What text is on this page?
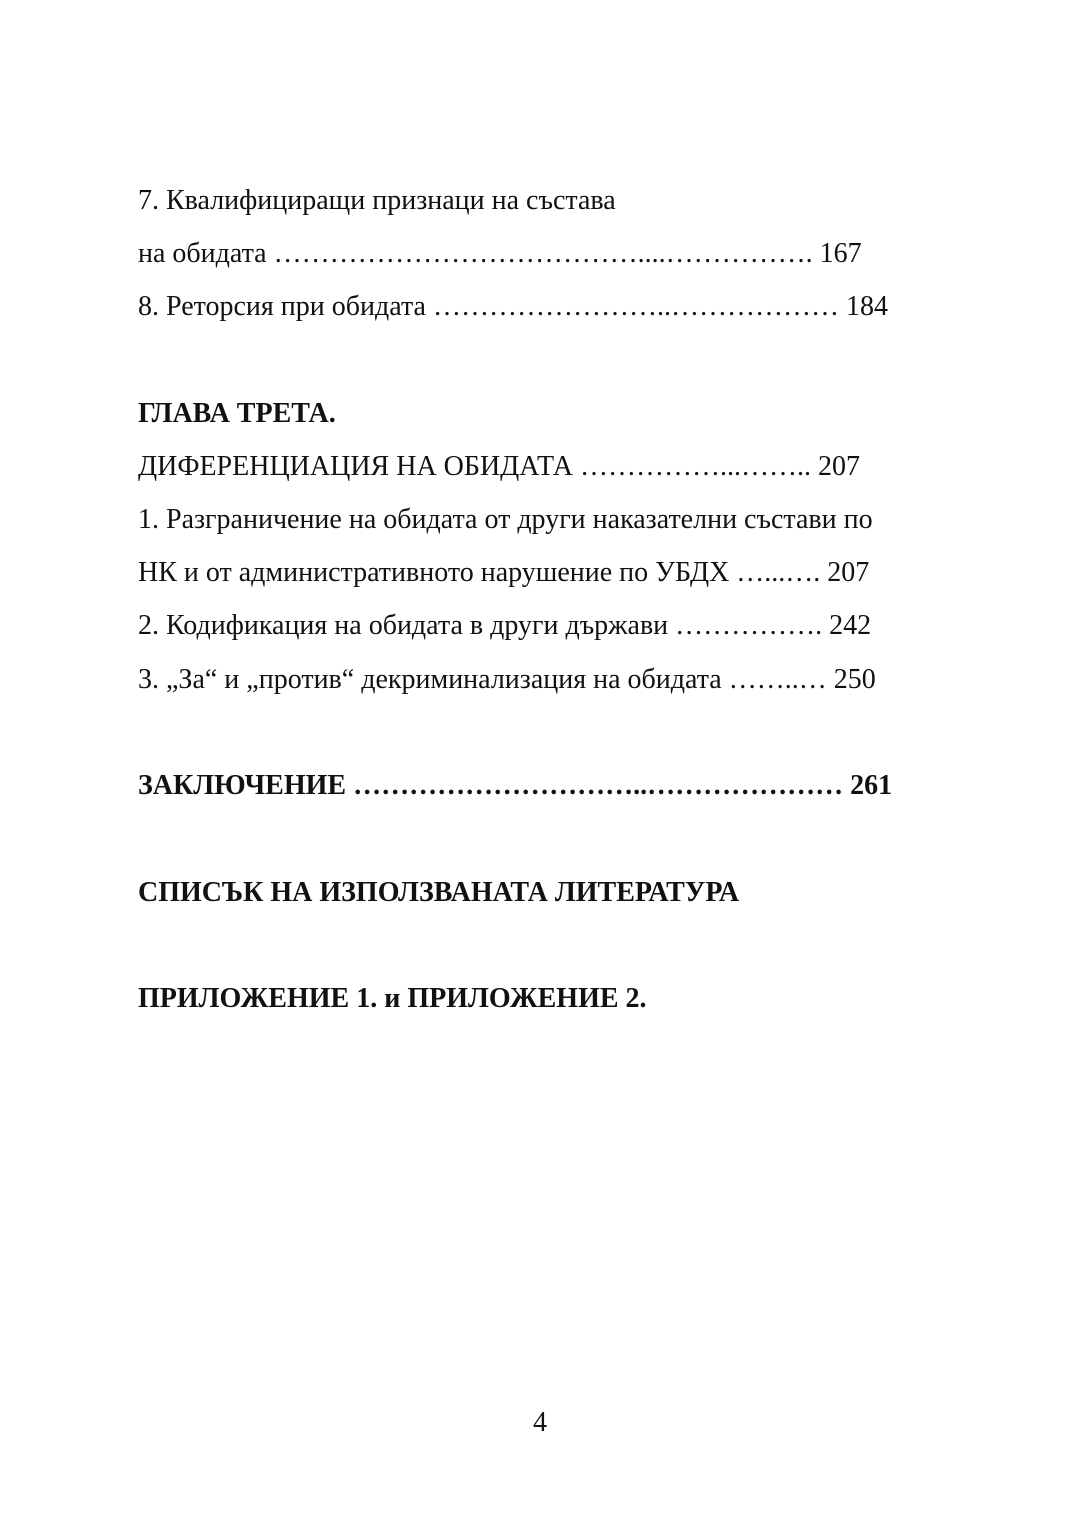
7. Квалифициращи признаци на състава
на обидата …………………………………....……………. 167
8. Реторсия при обидата ……………………..……………… 184
ГЛАВА ТРЕТА.
ДИФЕРЕНЦИАЦИЯ НА ОБИДАТА ……………...…….. 207
1. Разграничение на обидата от други наказателни състави по
НК и от административното нарушение по УБДХ …...…. 207
2. Кодификация на обидата в други държави ……………. 242
3. „За“ и „против“ декриминализация на обидата ……..… 250
ЗАКЛЮЧЕНИЕ …………………………..………………… 261
СПИСЪК НА ИЗПОЛЗВАНАТА ЛИТЕРАТУРА
ПРИЛОЖЕНИЕ 1. и ПРИЛОЖЕНИЕ 2.
4
